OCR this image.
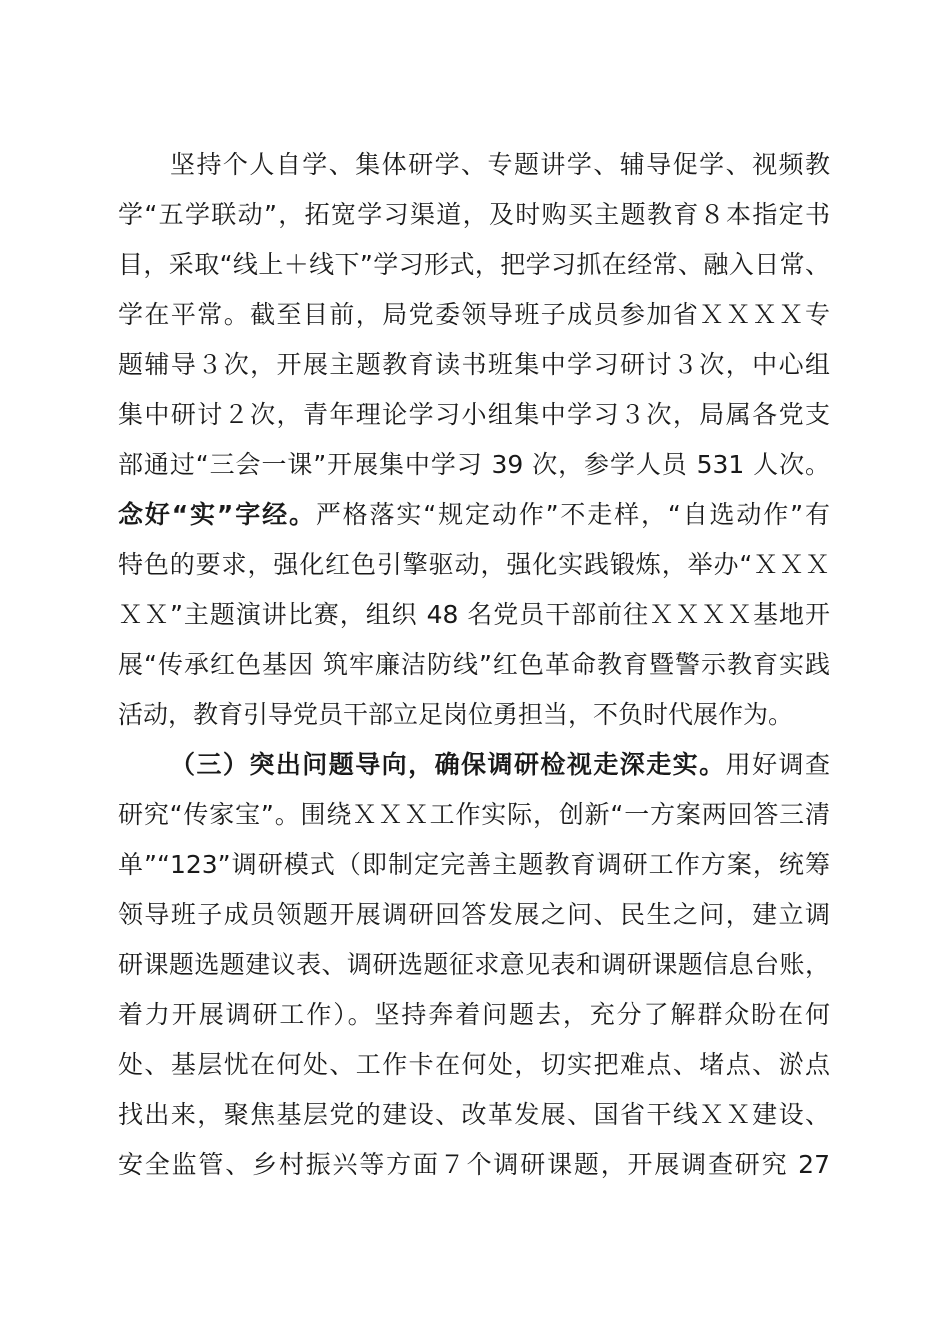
坚持个人自学、集体研学、专题讲学、辅导促学、视频教
学“五学联动”，拓宽学习渠道，及时购买主题教育８本指定书
目，采取“线上＋线下”学习形式，把学习抓在经常、融入日常、
学在平常。截至目前，局党委领导班子成员参加省ＸＸＸＸ专
题辅导３次，开展主题教育读书班集中学习研讨３次，中心组
集中研讨２次，青年理论学习小组集中学习３次，局属各党支
部通过“三会一课”开展集中学习 39 次，参学人员 531 人次。
念好“实”字经。严格落实“规定动作”不走样，“自选动作”有
特色的要求，强化红色引擎驱动，强化实践锻炼，举办“ＸＸＸ
ＸＸ”主题演讲比赛，组织 48 名党员干部前往ＸＸＸＸ基地开
展“传承红色基因 筑牢廉洁防线”红色革命教育暨警示教育实践
活动，教育引导党员干部立足岗位勇担当，不负时代展作为。
（三）突出问题导向，确保调研检视走深走实。用好调查
研究“传家宝”。围绕ＸＸＸ工作实际，创新“一方案两回答三清
单”“123”调研模式（即制定完善主题教育调研工作方案，统筹
领导班子成员领题开展调研回答发展之问、民生之问，建立调
研课题选题建议表、调研选题征求意见表和调研课题信息台账，
着力开展调研工作）。坚持奔着问题去，充分了解群众盼在何
处、基层忧在何处、工作卡在何处，切实把难点、堵点、淤点
找出来，聚焦基层党的建设、改革发展、国省干线ＸＸ建设、
安全监管、乡村振兴等方面７个调研课题，开展调查研究 27
